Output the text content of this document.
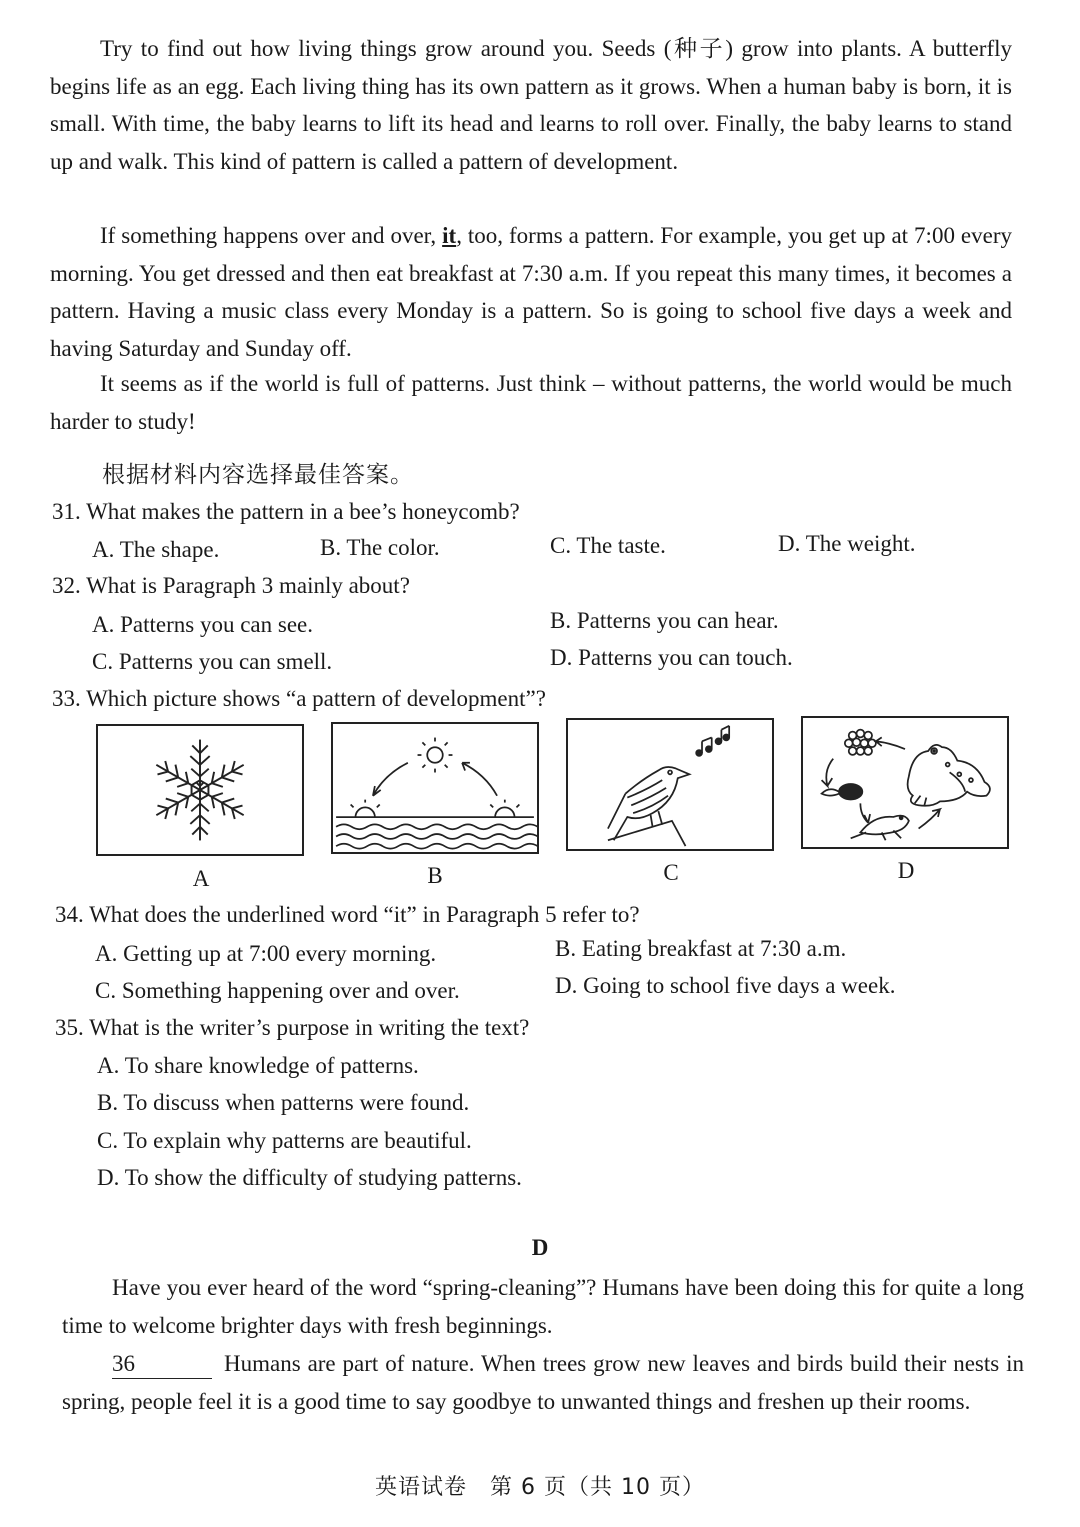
Try to find out how living things grow around you. Seeds (种子) grow into plants. A butterfly begins life as an egg. Each living thing has its own pattern as it grows. When a human baby is born, it is small. With time, the baby learns to lift its head and learns to roll over. Finally, the baby learns to stand up and walk. This kind of pattern is called a pattern of development.
If something happens over and over, it, too, forms a pattern. For example, you get up at 7:00 every morning. You get dressed and then eat breakfast at 7:30 a.m. If you repeat this many times, it becomes a pattern. Having a music class every Monday is a pattern. So is going to school five days a week and having Saturday and Sunday off.
It seems as if the world is full of patterns. Just think – without patterns, the world would be much harder to study!
根据材料内容选择最佳答案。
31. What makes the pattern in a bee’s honeycomb?
A. The shape.	B. The color.	C. The taste.	D. The weight.
32. What is Paragraph 3 mainly about?
A. Patterns you can see.	B. Patterns you can hear.
C. Patterns you can smell.	D. Patterns you can touch.
33. Which picture shows “a pattern of development”?
A	B	C	D
34. What does the underlined word “it” in Paragraph 5 refer to?
A. Getting up at 7:00 every morning.	B. Eating breakfast at 7:30 a.m.
C. Something happening over and over.	D. Going to school five days a week.
35. What is the writer’s purpose in writing the text?
A. To share knowledge of patterns.
B. To discuss when patterns were found.
C. To explain why patterns are beautiful.
D. To show the difficulty of studying patterns.
D
Have you ever heard of the word “spring-cleaning”? Humans have been doing this for quite a long time to welcome brighter days with fresh beginnings.
36	Humans are part of nature. When trees grow new leaves and birds build their nests in spring, people feel it is a good time to say goodbye to unwanted things and freshen up their rooms.
英语试卷　第 6 页（共 10 页）
